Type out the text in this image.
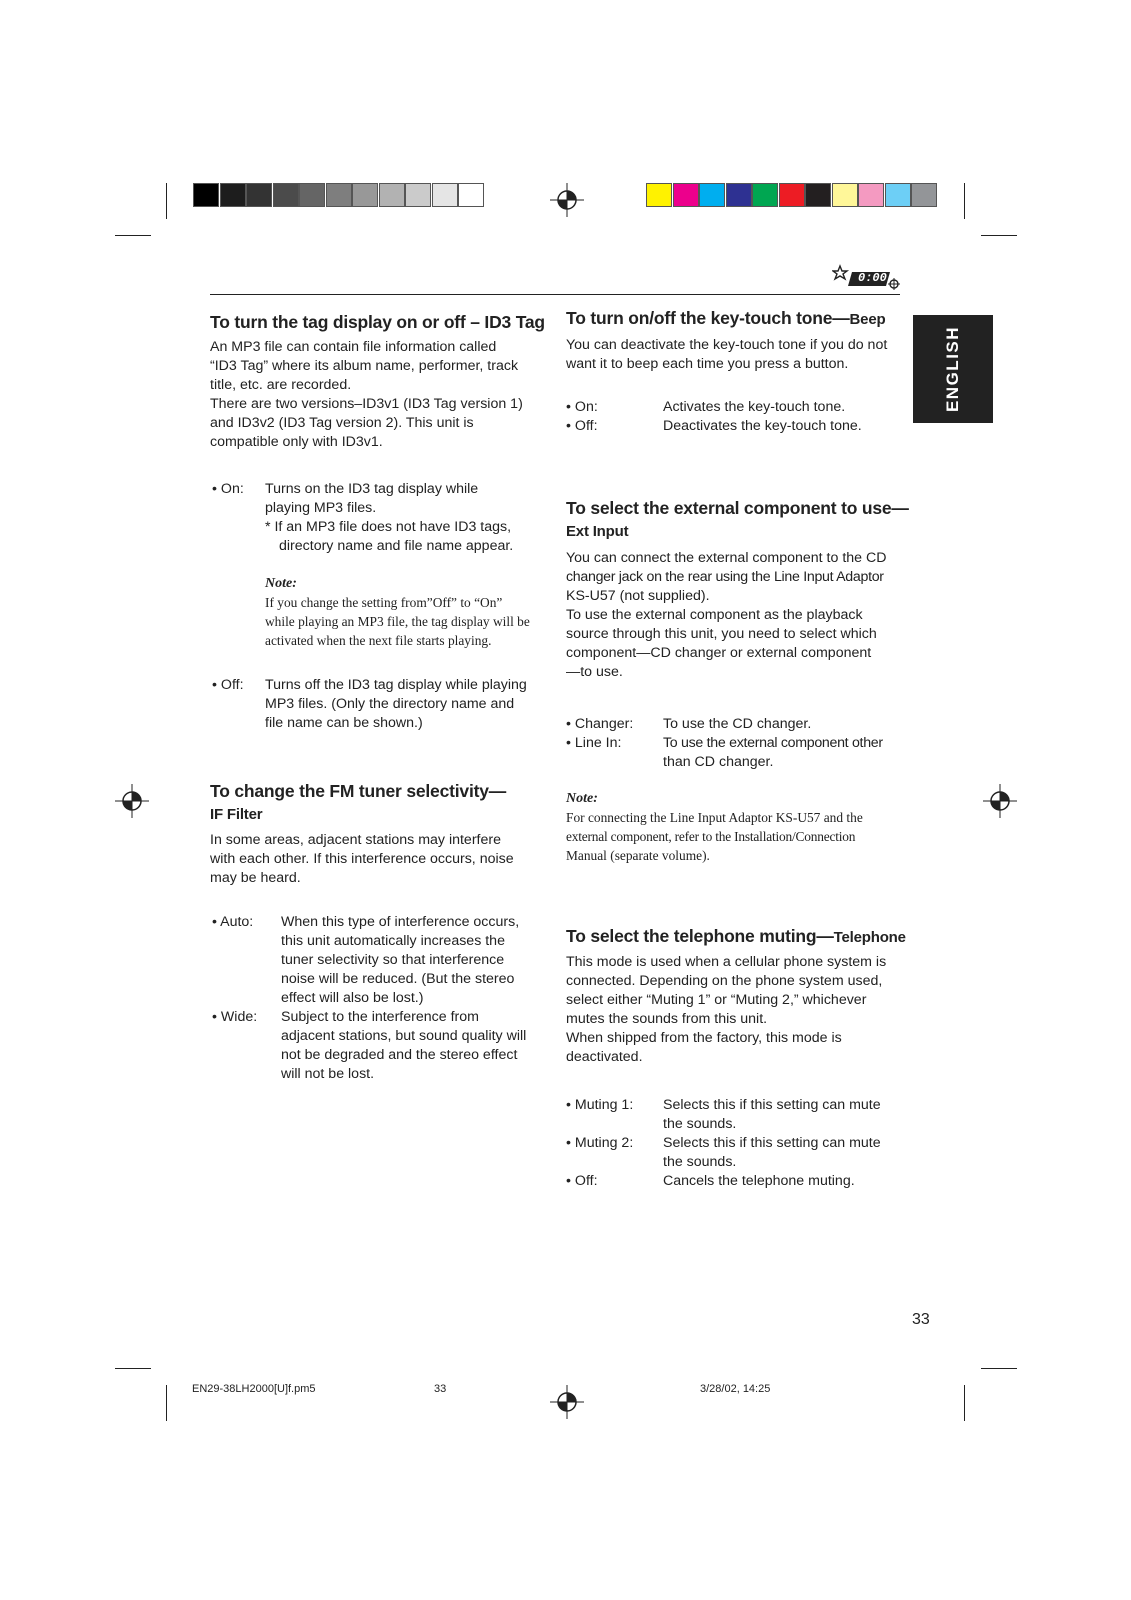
0:00
ENGLISH
To turn the tag display on or off – ID3 Tag

An MP3 file can contain file information called

“ID3 Tag” where its album name, performer, track

title, etc. are recorded.

There are two versions–ID3v1 (ID3 Tag version 1)

and ID3v2 (ID3 Tag version 2). This unit is

compatible only with ID3v1.

• On: Turns on the ID3 tag display while

playing MP3 files.

* If an MP3 file does not have ID3 tags,

directory name and file name appear.

Note:

If you change the setting from”Off” to “On”

while playing an MP3 file, the tag display will be

activated when the next file starts playing.

• Off: Turns off the ID3 tag display while playing

MP3 files. (Only the directory name and

file name can be shown.)

To change the FM tuner selectivity—
IF Filter

In some areas, adjacent stations may interfere

with each other. If this interference occurs, noise

may be heard.

• Auto: When this type of interference occurs,

this unit automatically increases the

tuner selectivity so that interference

noise will be reduced. (But the stereo

effect will also be lost.)

• Wide: Subject to the interference from

adjacent stations, but sound quality will

not be degraded and the stereo effect

will not be lost.

To turn on/off the key-touch tone—Beep

You can deactivate the key-touch tone if you do not

want it to beep each time you press a button.

• On:	Activates the key-touch tone.
• Off:	Deactivates the key-touch tone.
To select the external component to use—
Ext Input

You can connect the external component to the CD

changer jack on the rear using the Line Input Adaptor

KS-U57 (not supplied).

To use the external component as the playback

source through this unit, you need to select which

component—CD changer or external component

—to use.

• Changer: To use the CD changer.
• Line In:	To use the external component other

than CD changer.

Note:

For connecting the Line Input Adaptor KS-U57 and the

external component, refer to the Installation/Connection

Manual (separate volume).

To select the telephone muting—Telephone

This mode is used when a cellular phone system is

connected. Depending on the phone system used,

select either “Muting 1” or “Muting 2,” whichever

mutes the sounds from this unit.

When shipped from the factory, this mode is

deactivated.

• Muting 1: Selects this if this setting can mute

the sounds.

• Muting 2: Selects this if this setting can mute

the sounds.

• Off:	Cancels the telephone muting.
33
EN29-38LH2000[U]f.pm5	33	3/28/02, 14:25
